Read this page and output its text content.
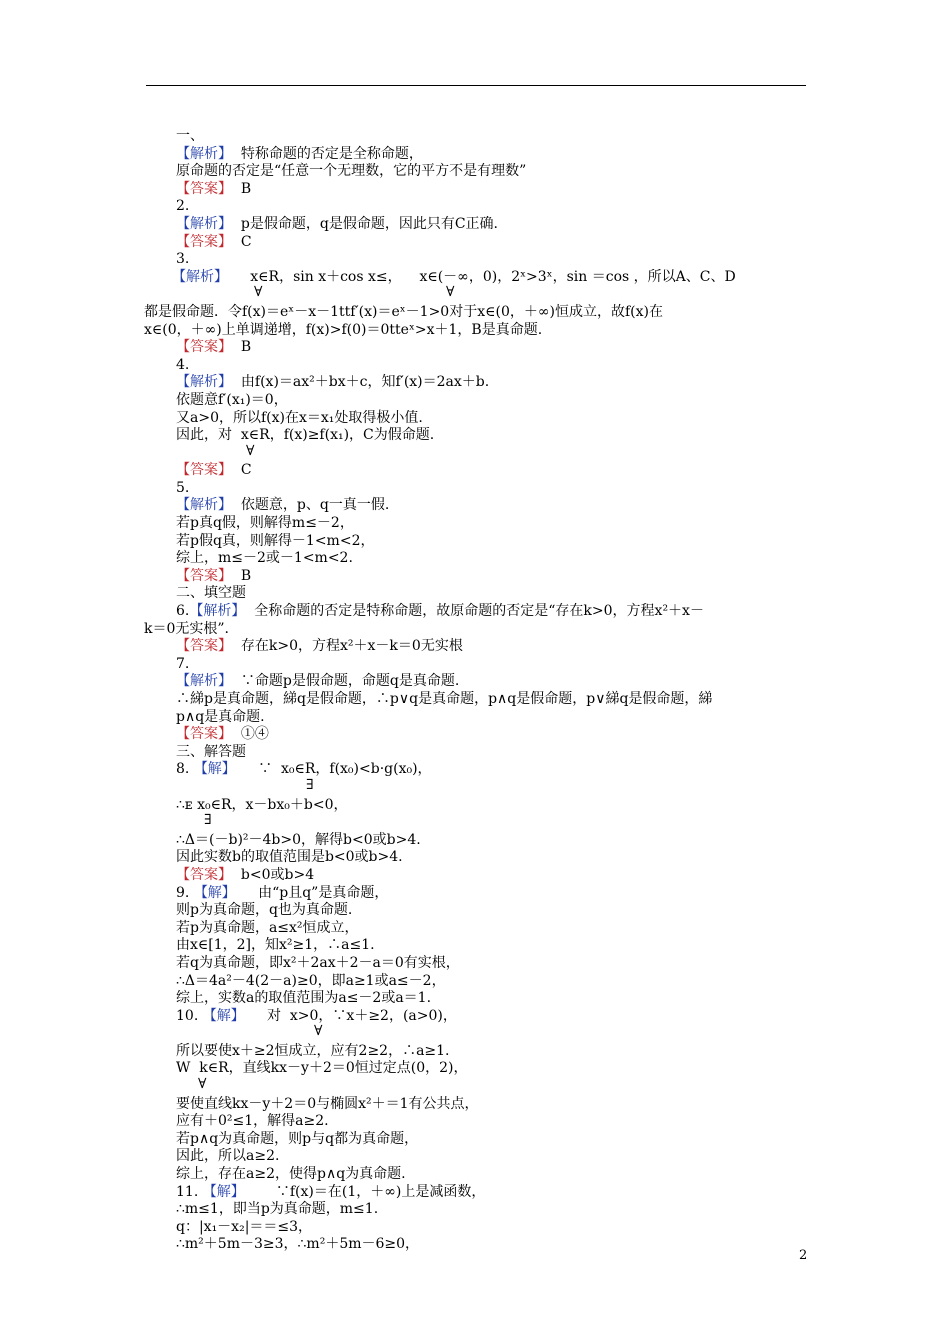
一、
【解析】 特称命题的否定是全称命题，
原命题的否定是“任意一个无理数，它的平方不是有理数”
【答案】 B
2.
【解析】 p是假命题，q是假命题，因此只有C正确.
【答案】 C
3.
【解析】 x∈R，sin x＋cos x≤， x∈(－∞，0)，2ˣ>3ˣ，sin ＝cos ，所以A、C、D
∀	∀
都是假命题．令f(x)＝eˣ－x－1ttf′(x)＝eˣ－1>0对于x∈(0，＋∞)恒成立，故f(x)在
x∈(0，＋∞)上单调递增，f(x)>f(0)＝0tteˣ>x＋1，B是真命题.
【答案】 B
4.
【解析】 由f(x)＝ax²＋bx＋c，知f′(x)＝2ax＋b.
依题意f′(x₁)＝0，
又a>0，所以f(x)在x＝x₁处取得极小值.
因此，对  x∈R，f(x)≥f(x₁)，C为假命题.
∀
【答案】 C
5.
【解析】 依题意，p、q一真一假.
若p真q假，则解得m≤－2，
若p假q真，则解得－1<m<2，
综上，m≤－2或－1<m<2.
【答案】 B
二、填空题
6.【解析】 全称命题的否定是特称命题，故原命题的否定是“存在k>0，方程x²＋x－
k＝0无实根”.
【答案】 存在k>0，方程x²＋x－k＝0无实根
7.
【解析】 ∵命题p是假命题，命题q是真命题.
∴綈p是真命题，綈q是假命题，∴p∨q是真命题，p∧q是假命题，p∨綈q是假命题，綈
p∧q是真命题.
【答案】 ①④
三、解答题
8. 【解】 ∵  x₀∈R，f(x₀)<b·g(x₀)，
∃
∴ᴇ x₀∈R，x－bx₀＋b<0，
∃
∴Δ＝(－b)²－4b>0，解得b<0或b>4.
因此实数b的取值范围是b<0或b>4.
【答案】 b<0或b>4
9. 【解】 由“p且q”是真命题，
则p为真命题，q也为真命题.
若p为真命题，a≤x²恒成立，
由x∈[1，2]，知x²≥1，∴a≤1.
若q为真命题，即x²＋2ax＋2－a＝0有实根，
∴Δ＝4a²－4(2－a)≥0，即a≥1或a≤－2，
综上，实数a的取值范围为a≤－2或a＝1.
10. 【解】 对  x>0，∵x＋≥2，(a>0)，
∀
所以要使x＋≥2恒成立，应有2≥2，∴a≥1.
W  k∈R，直线kx－y＋2＝0恒过定点(0，2)，
∀
要使直线kx－y＋2＝0与椭圆x²＋＝1有公共点，
应有＋0²≤1，解得a≥2.
若p∧q为真命题，则p与q都为真命题，
因此，所以a≥2.
综上，存在a≥2，使得p∧q为真命题.
11. 【解】 ∵f(x)＝在(1，＋∞)上是减函数，
∴m≤1，即当p为真命题，m≤1.
q：|x₁－x₂|＝＝≤3，
∴m²＋5m－3≥3，∴m²＋5m－6≥0，
2
